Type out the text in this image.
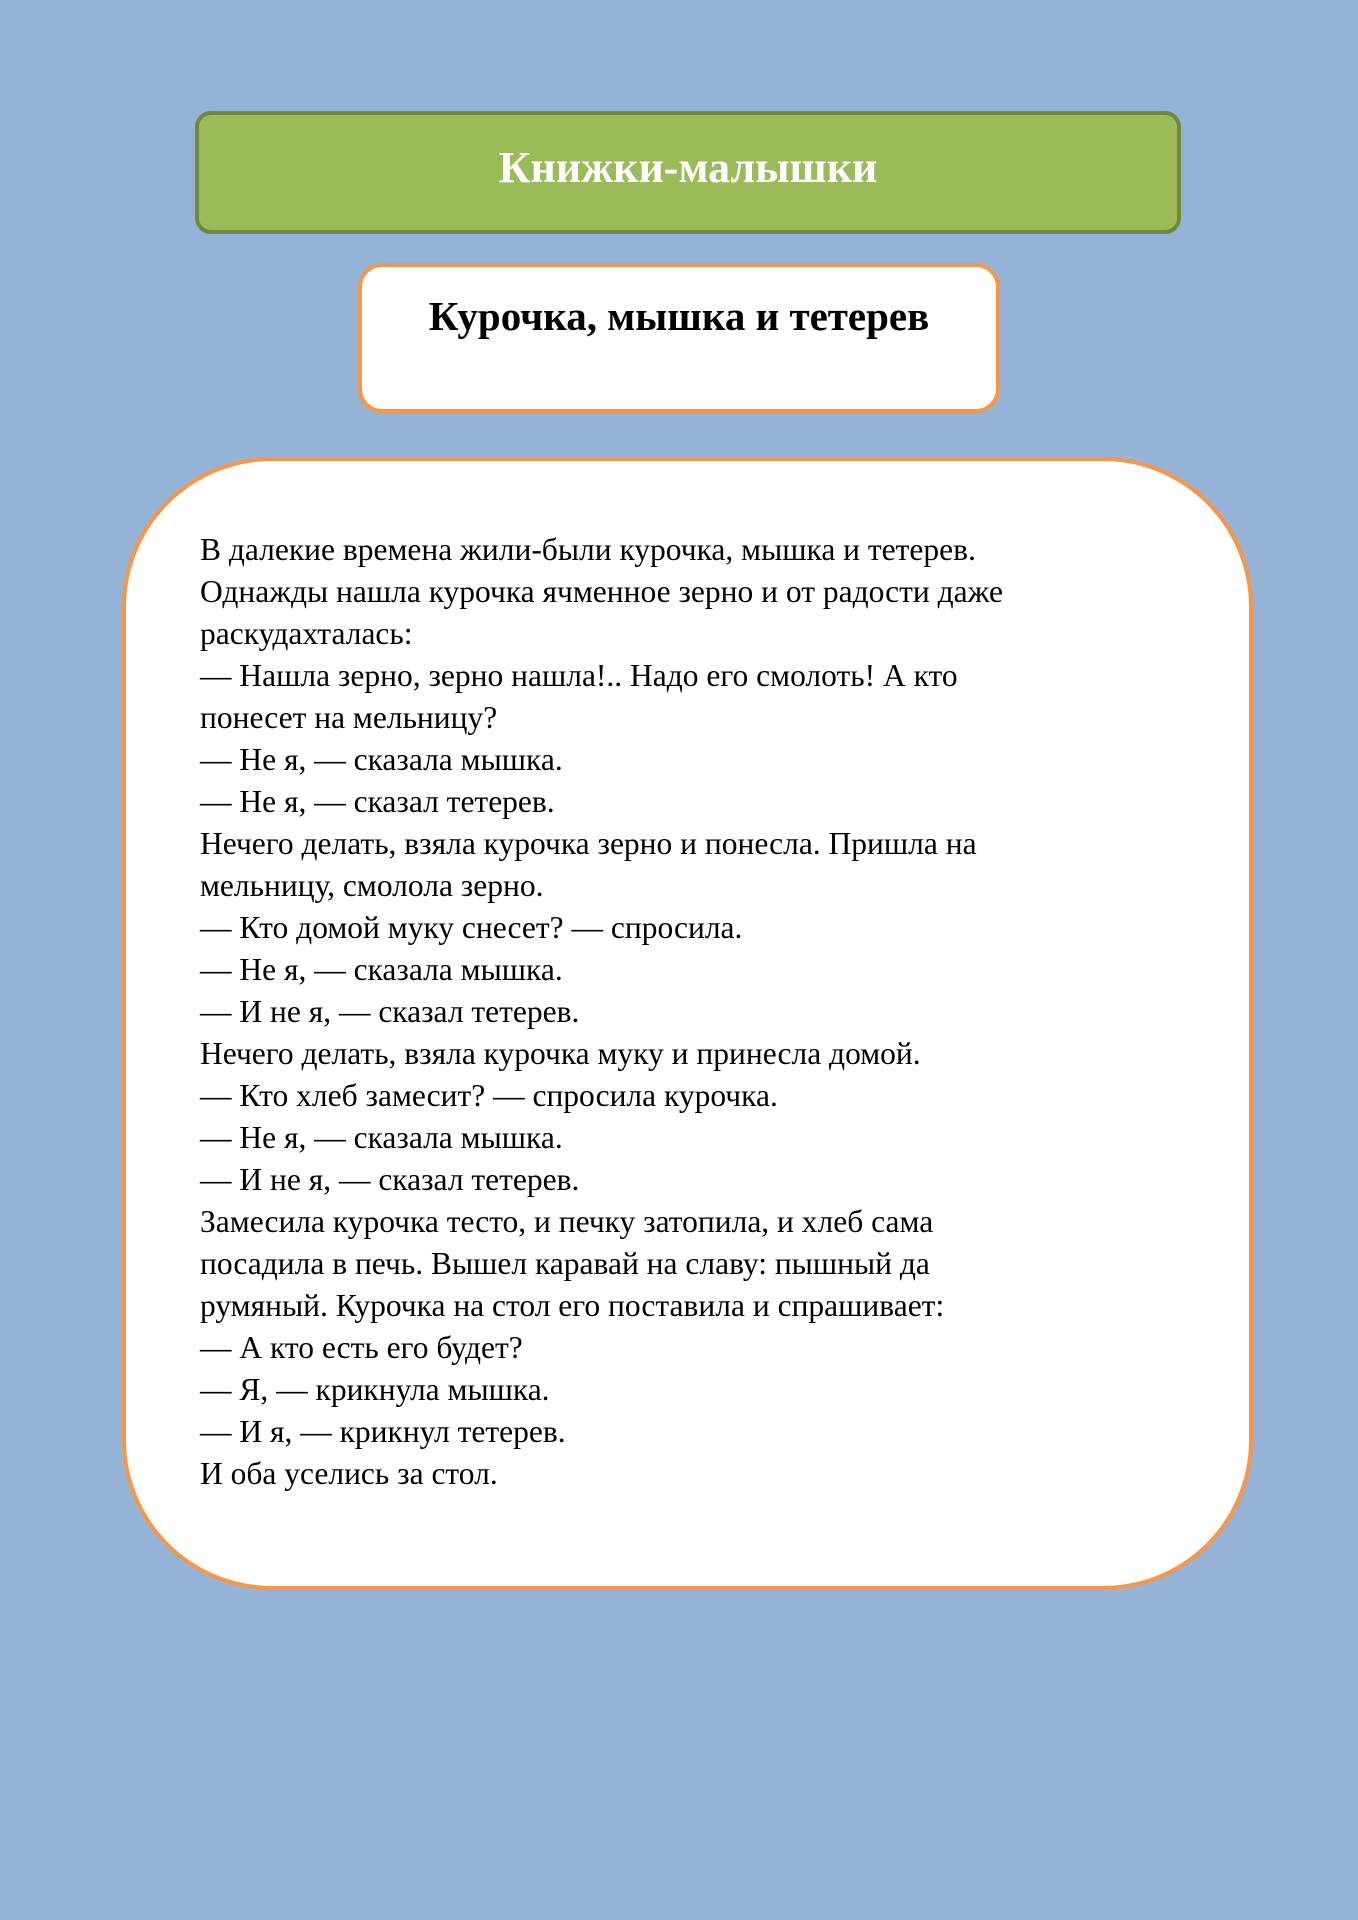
Книжки-малышки
Курочка, мышка и тетерев
В далекие времена жили-были курочка, мышка и тетерев.
Однажды нашла курочка ячменное зерно и от радости даже
раскудахталась:
— Нашла зерно, зерно нашла!.. Надо его смолоть! А кто
понесет на мельницу?
— Не я, — сказала мышка.
— Не я, — сказал тетерев.
Нечего делать, взяла курочка зерно и понесла. Пришла на
мельницу, смолола зерно.
— Кто домой муку снесет? — спросила.
— Не я, — сказала мышка.
— И не я, — сказал тетерев.
Нечего делать, взяла курочка муку и принесла домой.
— Кто хлеб замесит? — спросила курочка.
— Не я, — сказала мышка.
— И не я, — сказал тетерев.
Замесила курочка тесто, и печку затопила, и хлеб сама
посадила в печь. Вышел каравай на славу: пышный да
румяный. Курочка на стол его поставила и спрашивает:
— А кто есть его будет?
— Я, — крикнула мышка.
— И я, — крикнул тетерев.
И оба уселись за стол.
